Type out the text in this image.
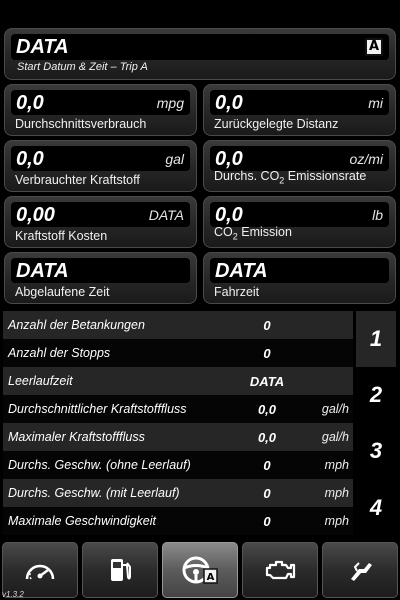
DATA	A
Start Datum & Zeit – Trip A
0,0	mpg
Durchschnittsverbrauch
0,0	mi
Zurückgelegte Distanz
0,0	gal
Verbrauchter Kraftstoff
0,0	oz/mi
Durchs. $CO_2$ Emissionsrate
0,00	DATA
Kraftstoff Kosten
0,0	lb
$CO_2$ Emission
DATA
Abgelaufene Zeit
DATA
Fahrzeit
Anzahl der Betankungen	0
Anzahl der Stopps	0
Leerlaufzeit	DATA
Durchschnittlicher Kraftstofffluss	0,0	gal/h
Maximaler Kraftstofffluss	0,0	gal/h
Durchs. Geschw. (ohne Leerlauf)	0	mph
Durchs. Geschw. (mit Leerlauf)	0	mph
Maximale Geschwindigkeit	0	mph
1
2
3
4
A
v1.3.2
